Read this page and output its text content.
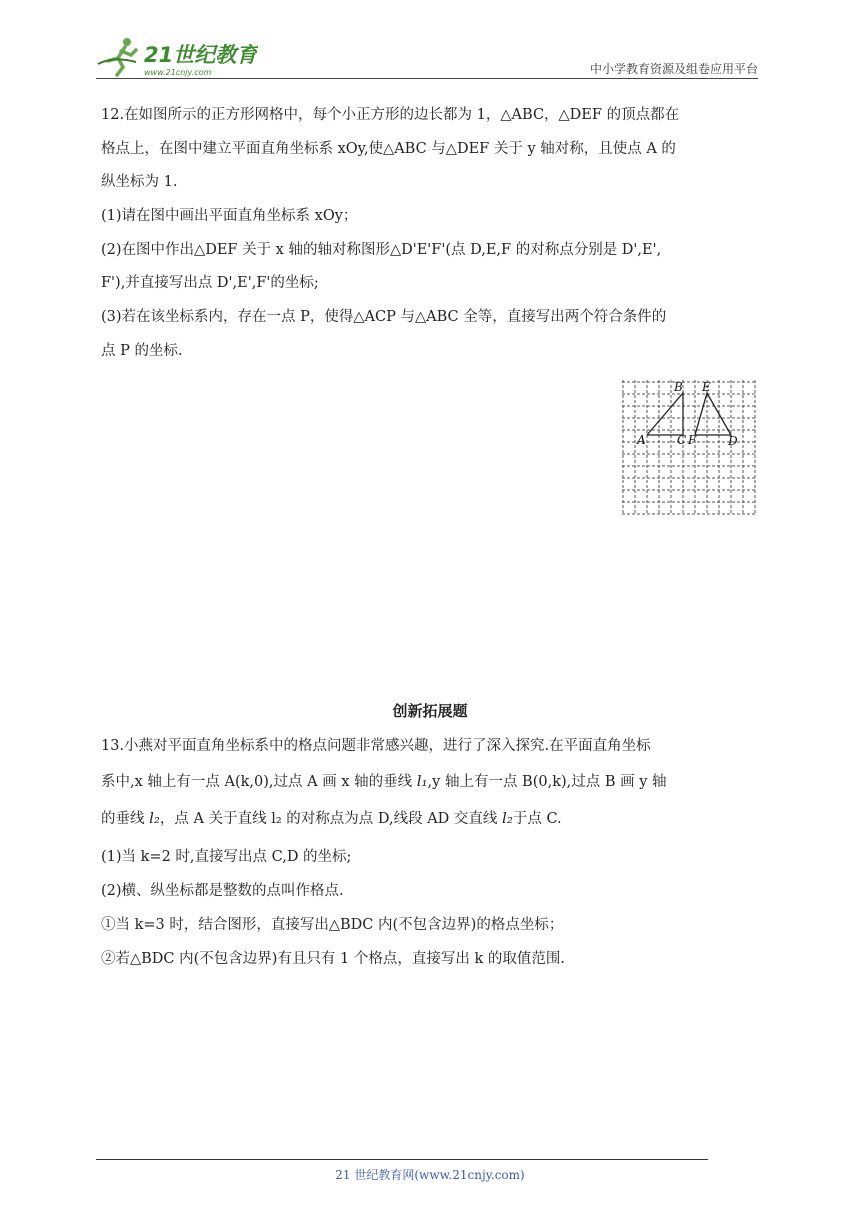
21世纪教育
www.21cnjy.com	中小学教育资源及组卷应用平台

12.在如图所示的正方形网格中，每个小正方形的边长都为 1，△ABC，△DEF 的顶点都在

格点上，在图中建立平面直角坐标系 xOy,使△ABC 与△DEF 关于 y 轴对称，且使点 A 的

纵坐标为 1.

(1)请在图中画出平面直角坐标系 xOy；

(2)在图中作出△DEF 关于 x 轴的轴对称图形△D'E'F'(点 D,E,F 的对称点分别是 D',E',

F'),并直接写出点 D',E',F'的坐标;

(3)若在该坐标系内，存在一点 P，使得△ACP 与△ABC 全等，直接写出两个符合条件的

点 P 的坐标.

A
B
C F
E
D
创新拓展题

13.小燕对平面直角坐标系中的格点问题非常感兴趣，进行了深入探究.在平面直角坐标

系中,x 轴上有一点 A(k,0),过点 A 画 x 轴的垂线 l₁,y 轴上有一点 B(0,k),过点 B 画 y 轴

的垂线 l₂，点 A 关于直线 l₂ 的对称点为点 D,线段 AD 交直线 l₂于点 C.

(1)当 k=2 时,直接写出点 C,D 的坐标;

(2)横、纵坐标都是整数的点叫作格点.

①当 k=3 时，结合图形，直接写出△BDC 内(不包含边界)的格点坐标；

②若△BDC 内(不包含边界)有且只有 1 个格点，直接写出 k 的取值范围.

21 世纪教育网(www.21cnjy.com)
